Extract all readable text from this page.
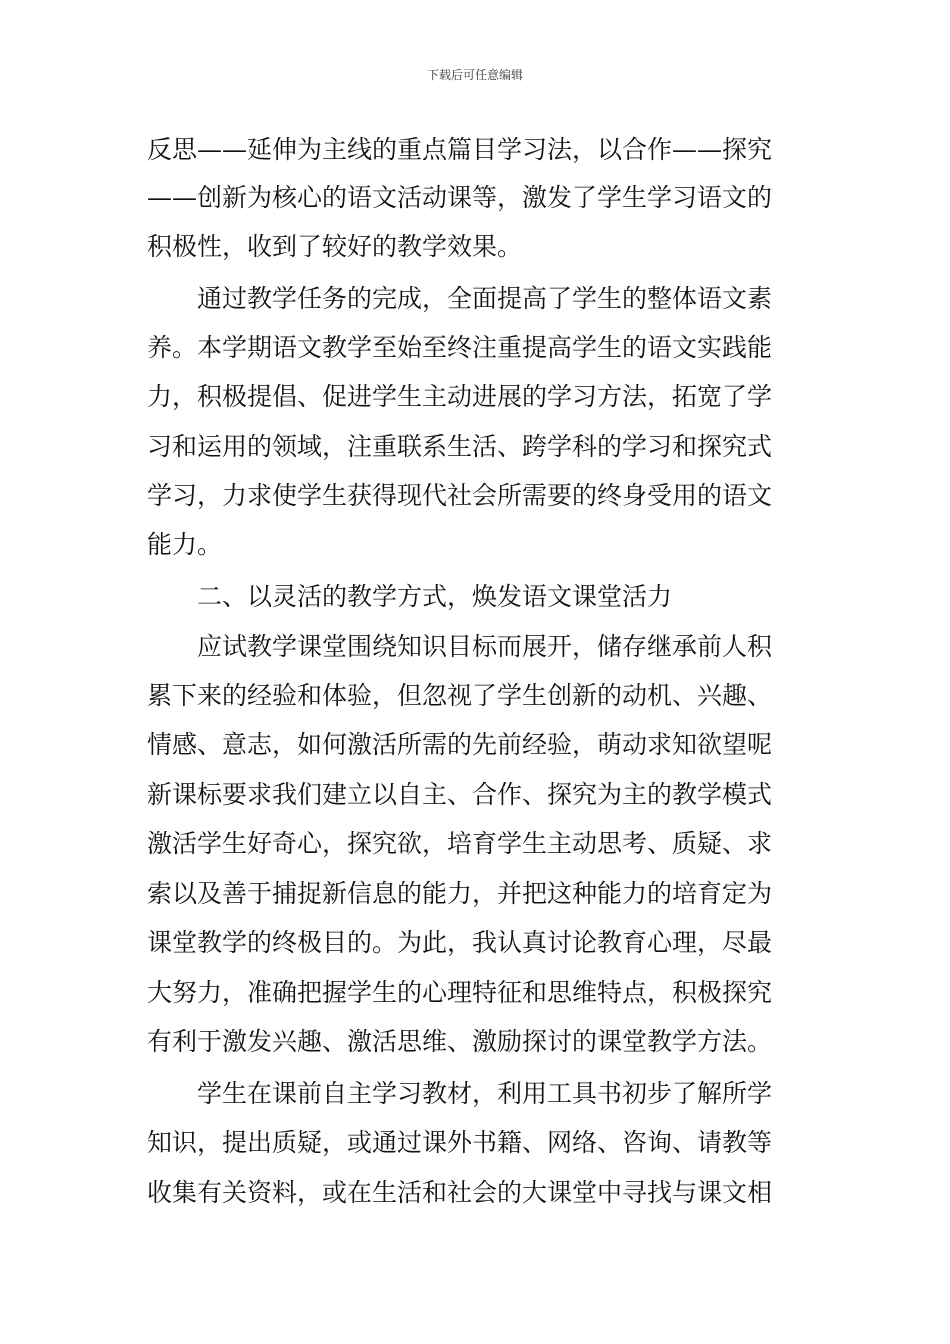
下载后可任意编辑
反思——延伸为主线的重点篇目学习法，以合作——探究
——创新为核心的语文活动课等，激发了学生学习语文的
积极性，收到了较好的教学效果。
通过教学任务的完成，全面提高了学生的整体语文素
养。本学期语文教学至始至终注重提高学生的语文实践能
力，积极提倡、促进学生主动进展的学习方法，拓宽了学
习和运用的领域，注重联系生活、跨学科的学习和探究式
学习，力求使学生获得现代社会所需要的终身受用的语文
能力。
二、以灵活的教学方式，焕发语文课堂活力
应试教学课堂围绕知识目标而展开，储存继承前人积
累下来的经验和体验，但忽视了学生创新的动机、兴趣、
情感、意志，如何激活所需的先前经验，萌动求知欲望呢
新课标要求我们建立以自主、合作、探究为主的教学模式
激活学生好奇心，探究欲，培育学生主动思考、质疑、求
索以及善于捕捉新信息的能力，并把这种能力的培育定为
课堂教学的终极目的。为此，我认真讨论教育心理，尽最
大努力，准确把握学生的心理特征和思维特点，积极探究
有利于激发兴趣、激活思维、激励探讨的课堂教学方法。
学生在课前自主学习教材，利用工具书初步了解所学
知识，提出质疑，或通过课外书籍、网络、咨询、请教等
收集有关资料，或在生活和社会的大课堂中寻找与课文相
